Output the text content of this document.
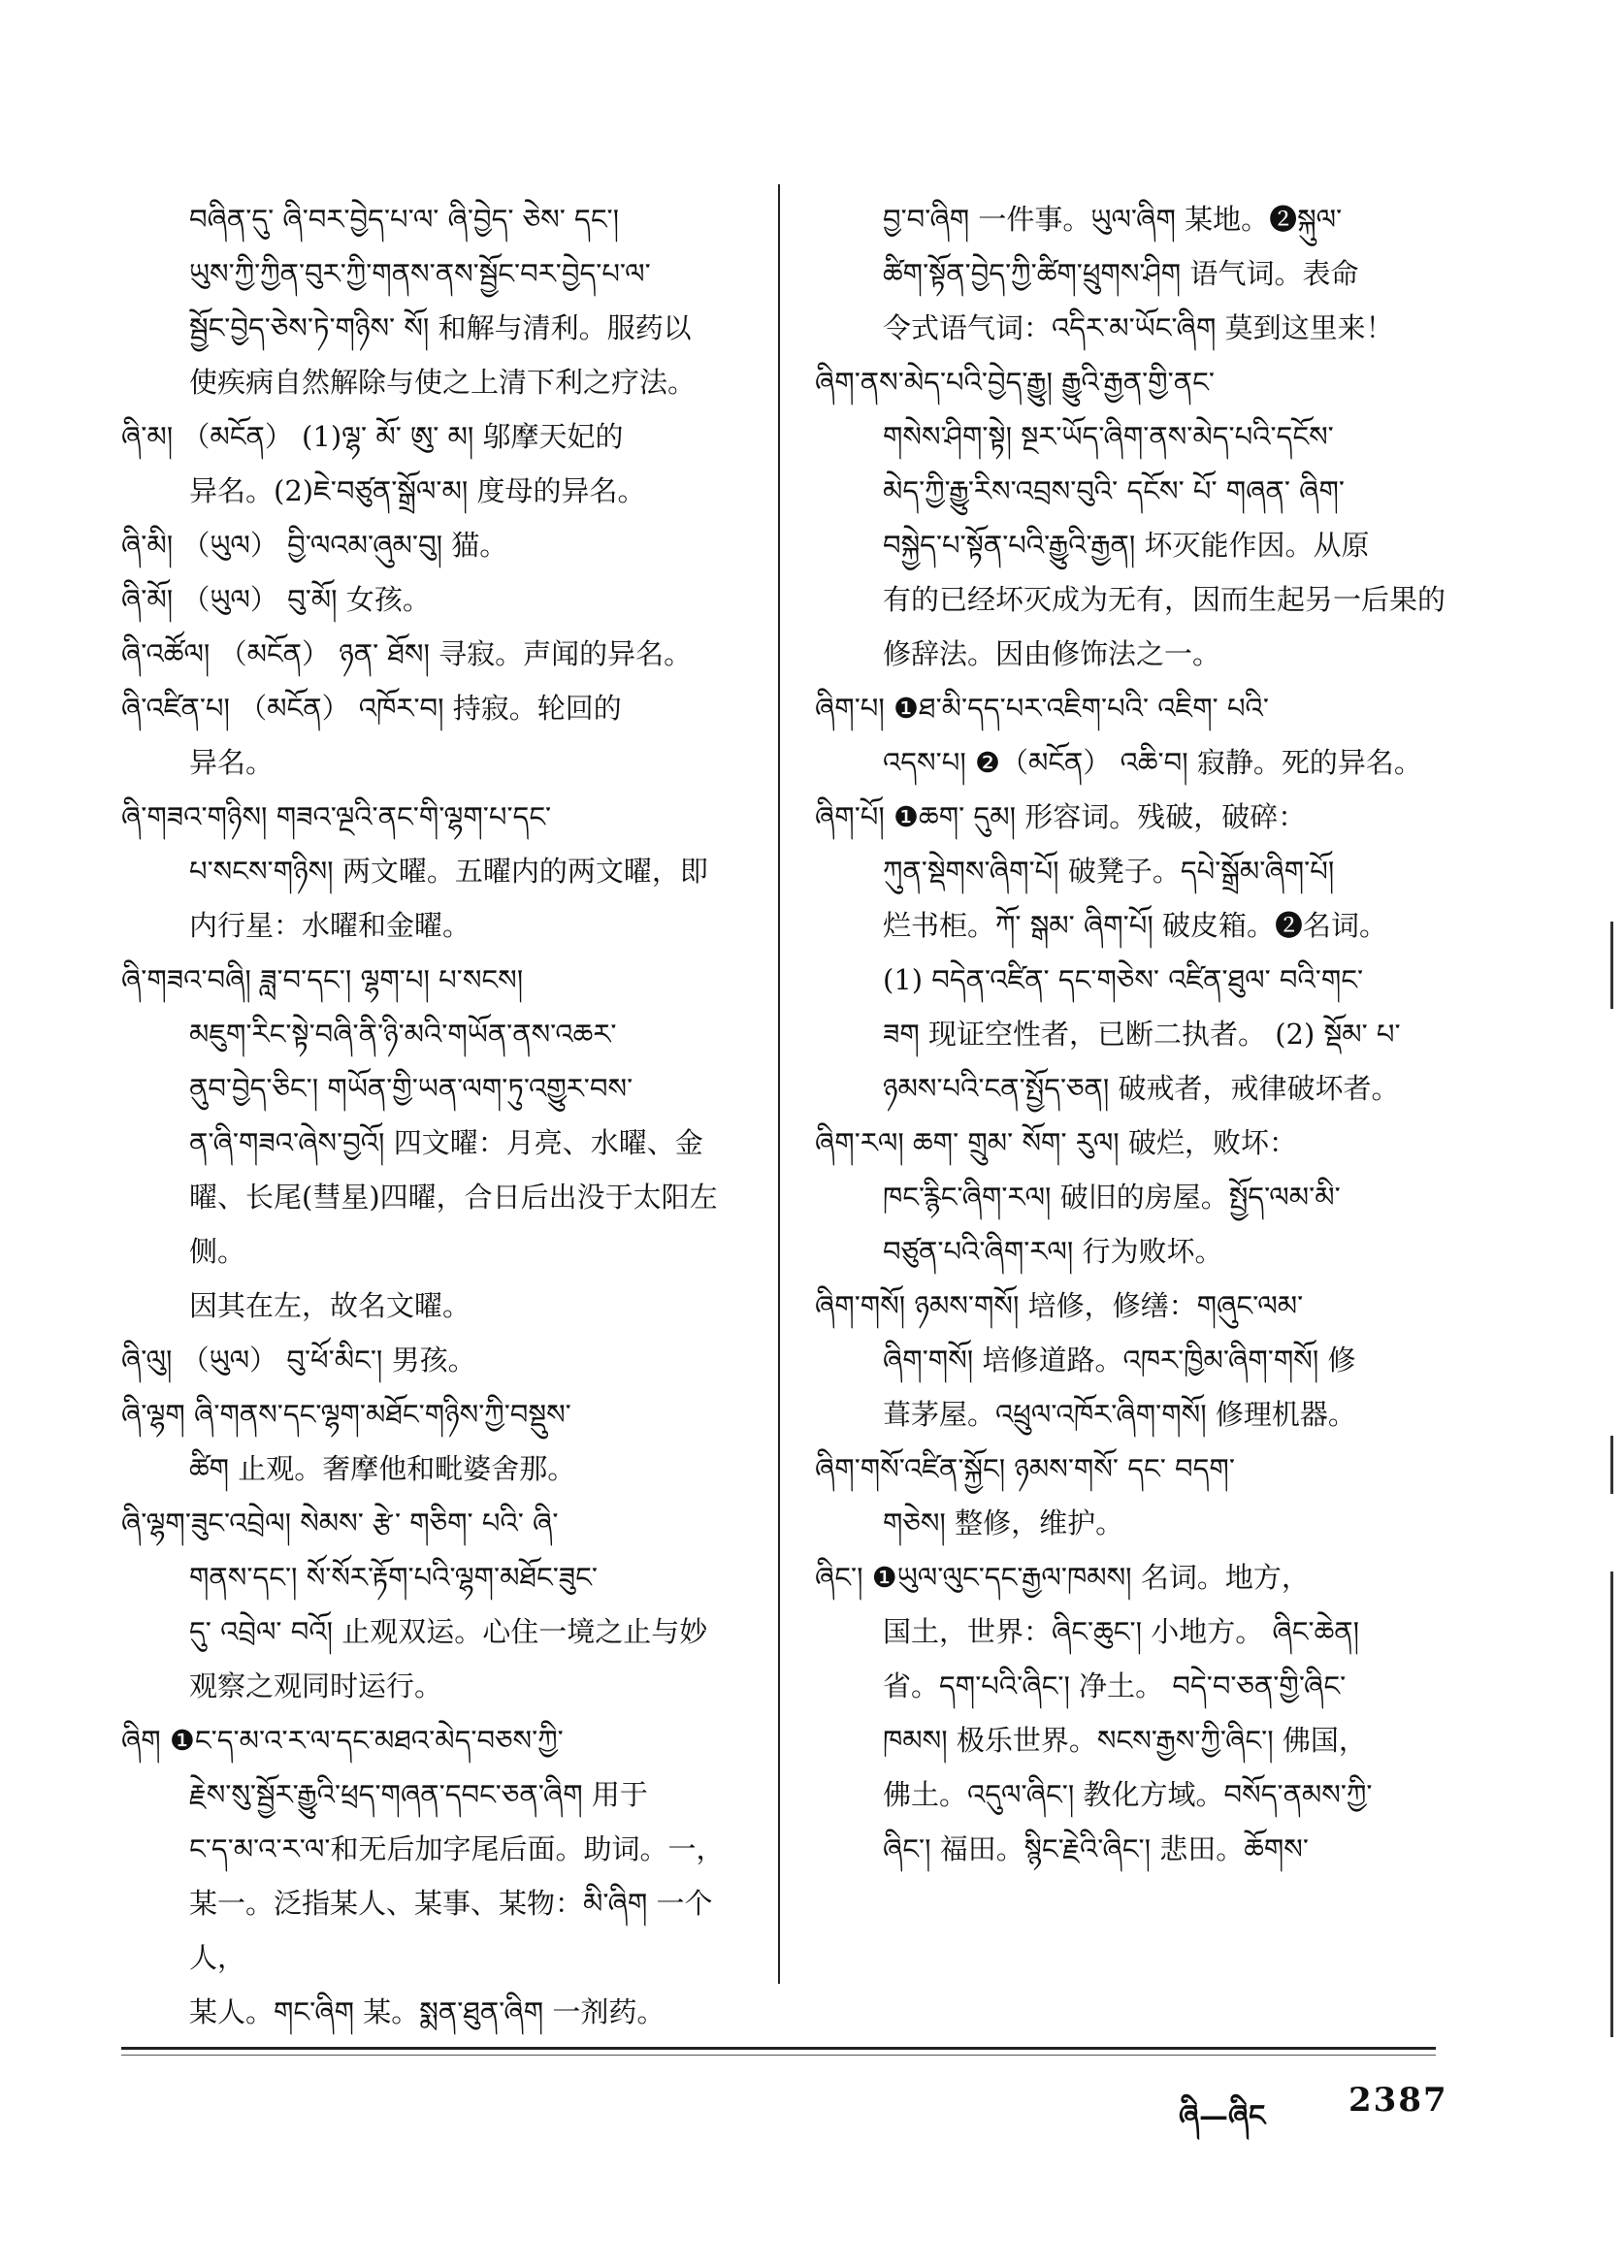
བཞིན་དུ་ ཞི་བར་བྱེད་པ་ལ་ ཞི་བྱེད་ ཅེས་ དང་།
ཡུས་ཀྱི་ཀྱིན་བུར་ཀྱི་གནས་ནས་སྦྱོང་བར་བྱེད་པ་ལ་
སྦྱོང་བྱེད་ཅེས་ཏེ་གཉིས་ སོ། 和解与清利。服药以
使疾病自然解除与使之上清下利之疗法。
ཞི་མ། （མངོན） (1)ལྷ་ མོ་ ཨུ་ མ། 邬摩天妃的
异名。(2)ཇེ་བཙུན་སྒྲོལ་མ། 度母的异名。
ཞི་མི། （ཡུལ） བྱི་ལའམ་ཞུམ་བུ། 猫。
ཞི་མོ། （ཡུལ） བུ་མོ། 女孩。
ཞི་འཚོལ། （མངོན） ཉན་ ཐོས། 寻寂。声闻的异名。
ཞི་འཛིན་པ། （མངོན） འཁོར་བ། 持寂。轮回的
异名。
ཞི་གཟའ་གཉིས། གཟའ་ལྔའི་ནང་གི་ལྷག་པ་དང་
པ་སངས་གཉིས། 两文曜。五曜内的两文曜，即
内行星：水曜和金曜。
ཞི་གཟའ་བཞི། ཟླ་བ་དང་། ལྷག་པ། པ་སངས།
མཇུག་རིང་སྟེ་བཞི་ནི་ཉི་མའི་གཡོན་ནས་འཆར་
ནུབ་བྱེད་ཅིང་། གཡོན་གྱི་ཡན་ལག་ཏུ་འགྱུར་བས་
ན་ཞི་གཟའ་ཞེས་བྱའོ། 四文曜：月亮、水曜、金
曜、长尾(彗星)四曜，合日后出没于太阳左侧。
因其在左，故名文曜。
ཞི་ལུ། （ཡུལ） བུ་ཕོ་མིང་། 男孩。
ཞི་ལྷག ཞི་གནས་དང་ལྷག་མཐོང་གཉིས་ཀྱི་བསྡུས་
ཚིག 止观。奢摩他和毗婆舍那。
ཞི་ལྷག་ཟུང་འབྲེལ། སེམས་ རྩེ་ གཅིག་ པའི་ ཞི་
གནས་དང་། སོ་སོར་རྟོག་པའི་ལྷག་མཐོང་ཟུང་
དུ་ འབྲེལ་ བའོ། 止观双运。心住一境之止与妙
观察之观同时运行。
ཞིག ❶ང་ད་མ་འ་ར་ལ་དང་མཐའ་མེད་བཅས་ཀྱི་
རྗེས་སུ་སྦྱོར་རྒྱུའི་ཕྲད་གཞན་དབང་ཅན་ཞིག 用于
ང་ད་མ་འ་ར་ལ་和无后加字尾后面。助词。一，
某一。泛指某人、某事、某物：མི་ཞིག 一个人，
某人。གང་ཞིག 某。སྨན་ཐུན་ཞིག 一剂药。
བྱ་བ་ཞིག 一件事。ཡུལ་ཞིག 某地。❷སྐུལ་
ཚིག་སྟོན་བྱེད་ཀྱི་ཚིག་ཕྲུགས་ཤིག 语气词。表命
令式语气词：འདིར་མ་ཡོང་ཞིག 莫到这里来！
ཞིག་ནས་མེད་པའི་བྱེད་རྒྱུ། རྒྱུའི་རྒྱན་གྱི་ནང་
གསེས་ཤིག་སྟེ། སྔར་ཡོད་ཞིག་ནས་མེད་པའི་དངོས་
མེད་ཀྱི་རྒྱུ་རིས་འབྲས་བུའི་ དངོས་ པོ་ གཞན་ ཞིག་
བསྐྱེད་པ་སྟོན་པའི་རྒྱུའི་རྒྱན། 坏灭能作因。从原
有的已经坏灭成为无有，因而生起另一后果的
修辞法。因由修饰法之一。
ཞིག་པ། ❶ཐ་མི་དད་པར་འཇིག་པའི་ འཇིག་ པའི་
འདས་པ། ❷（མངོན） འཆི་བ། 寂静。死的异名。
ཞིག་པོ། ❶ཆག་ དུམ། 形容词。残破，破碎：
ཀུན་སྡེགས་ཞིག་པོ། 破凳子。དཔེ་སྒྲོམ་ཞིག་པོ།
烂书柜。ཀོ་ སྒམ་ ཞིག་པོ། 破皮箱。❷名词。
(1) བདེན་འཛིན་ དང་གཅེས་ འཛིན་ཐུལ་ བའི་གང་
ཟག 现证空性者，已断二执者。 (2) སྡོམ་ པ་
ཉམས་པའི་ངན་སྤྱོད་ཅན། 破戒者，戒律破坏者。
ཞིག་རལ། ཆག་ གྲུམ་ སོག་ རུལ། 破烂，败坏：
ཁང་རྙིང་ཞིག་རལ། 破旧的房屋。སྤྱོད་ལམ་མི་
བཙུན་པའི་ཞིག་རལ། 行为败坏。
ཞིག་གསོ། ཉམས་གསོ། 培修，修缮：གཞུང་ལམ་
ཞིག་གསོ། 培修道路。འཁར་ཁྱིམ་ཞིག་གསོ། 修
葺茅屋。འཕྲུལ་འཁོར་ཞིག་གསོ། 修理机器。
ཞིག་གསོ་འཛིན་སྐྱོང། ཉམས་གསོ་ དང་ བདག་
གཅེས། 整修，维护。
ཞིང་། ❶ཡུལ་ལུང་དང་རྒྱལ་ཁམས། 名词。地方，
国土，世界：ཞིང་ཆུང་། 小地方。 ཞིང་ཆེན།
省。དག་པའི་ཞིང་། 净土。 བདེ་བ་ཅན་གྱི་ཞིང་
ཁམས། 极乐世界。སངས་རྒྱས་ཀྱི་ཞིང་། 佛国，
佛土。འདུལ་ཞིང་། 教化方域。བསོད་ནམས་ཀྱི་
ཞིང་། 福田。སྙིང་རྗེའི་ཞིང་། 悲田。ཆོགས་
ཞི—ཞིང	2387
